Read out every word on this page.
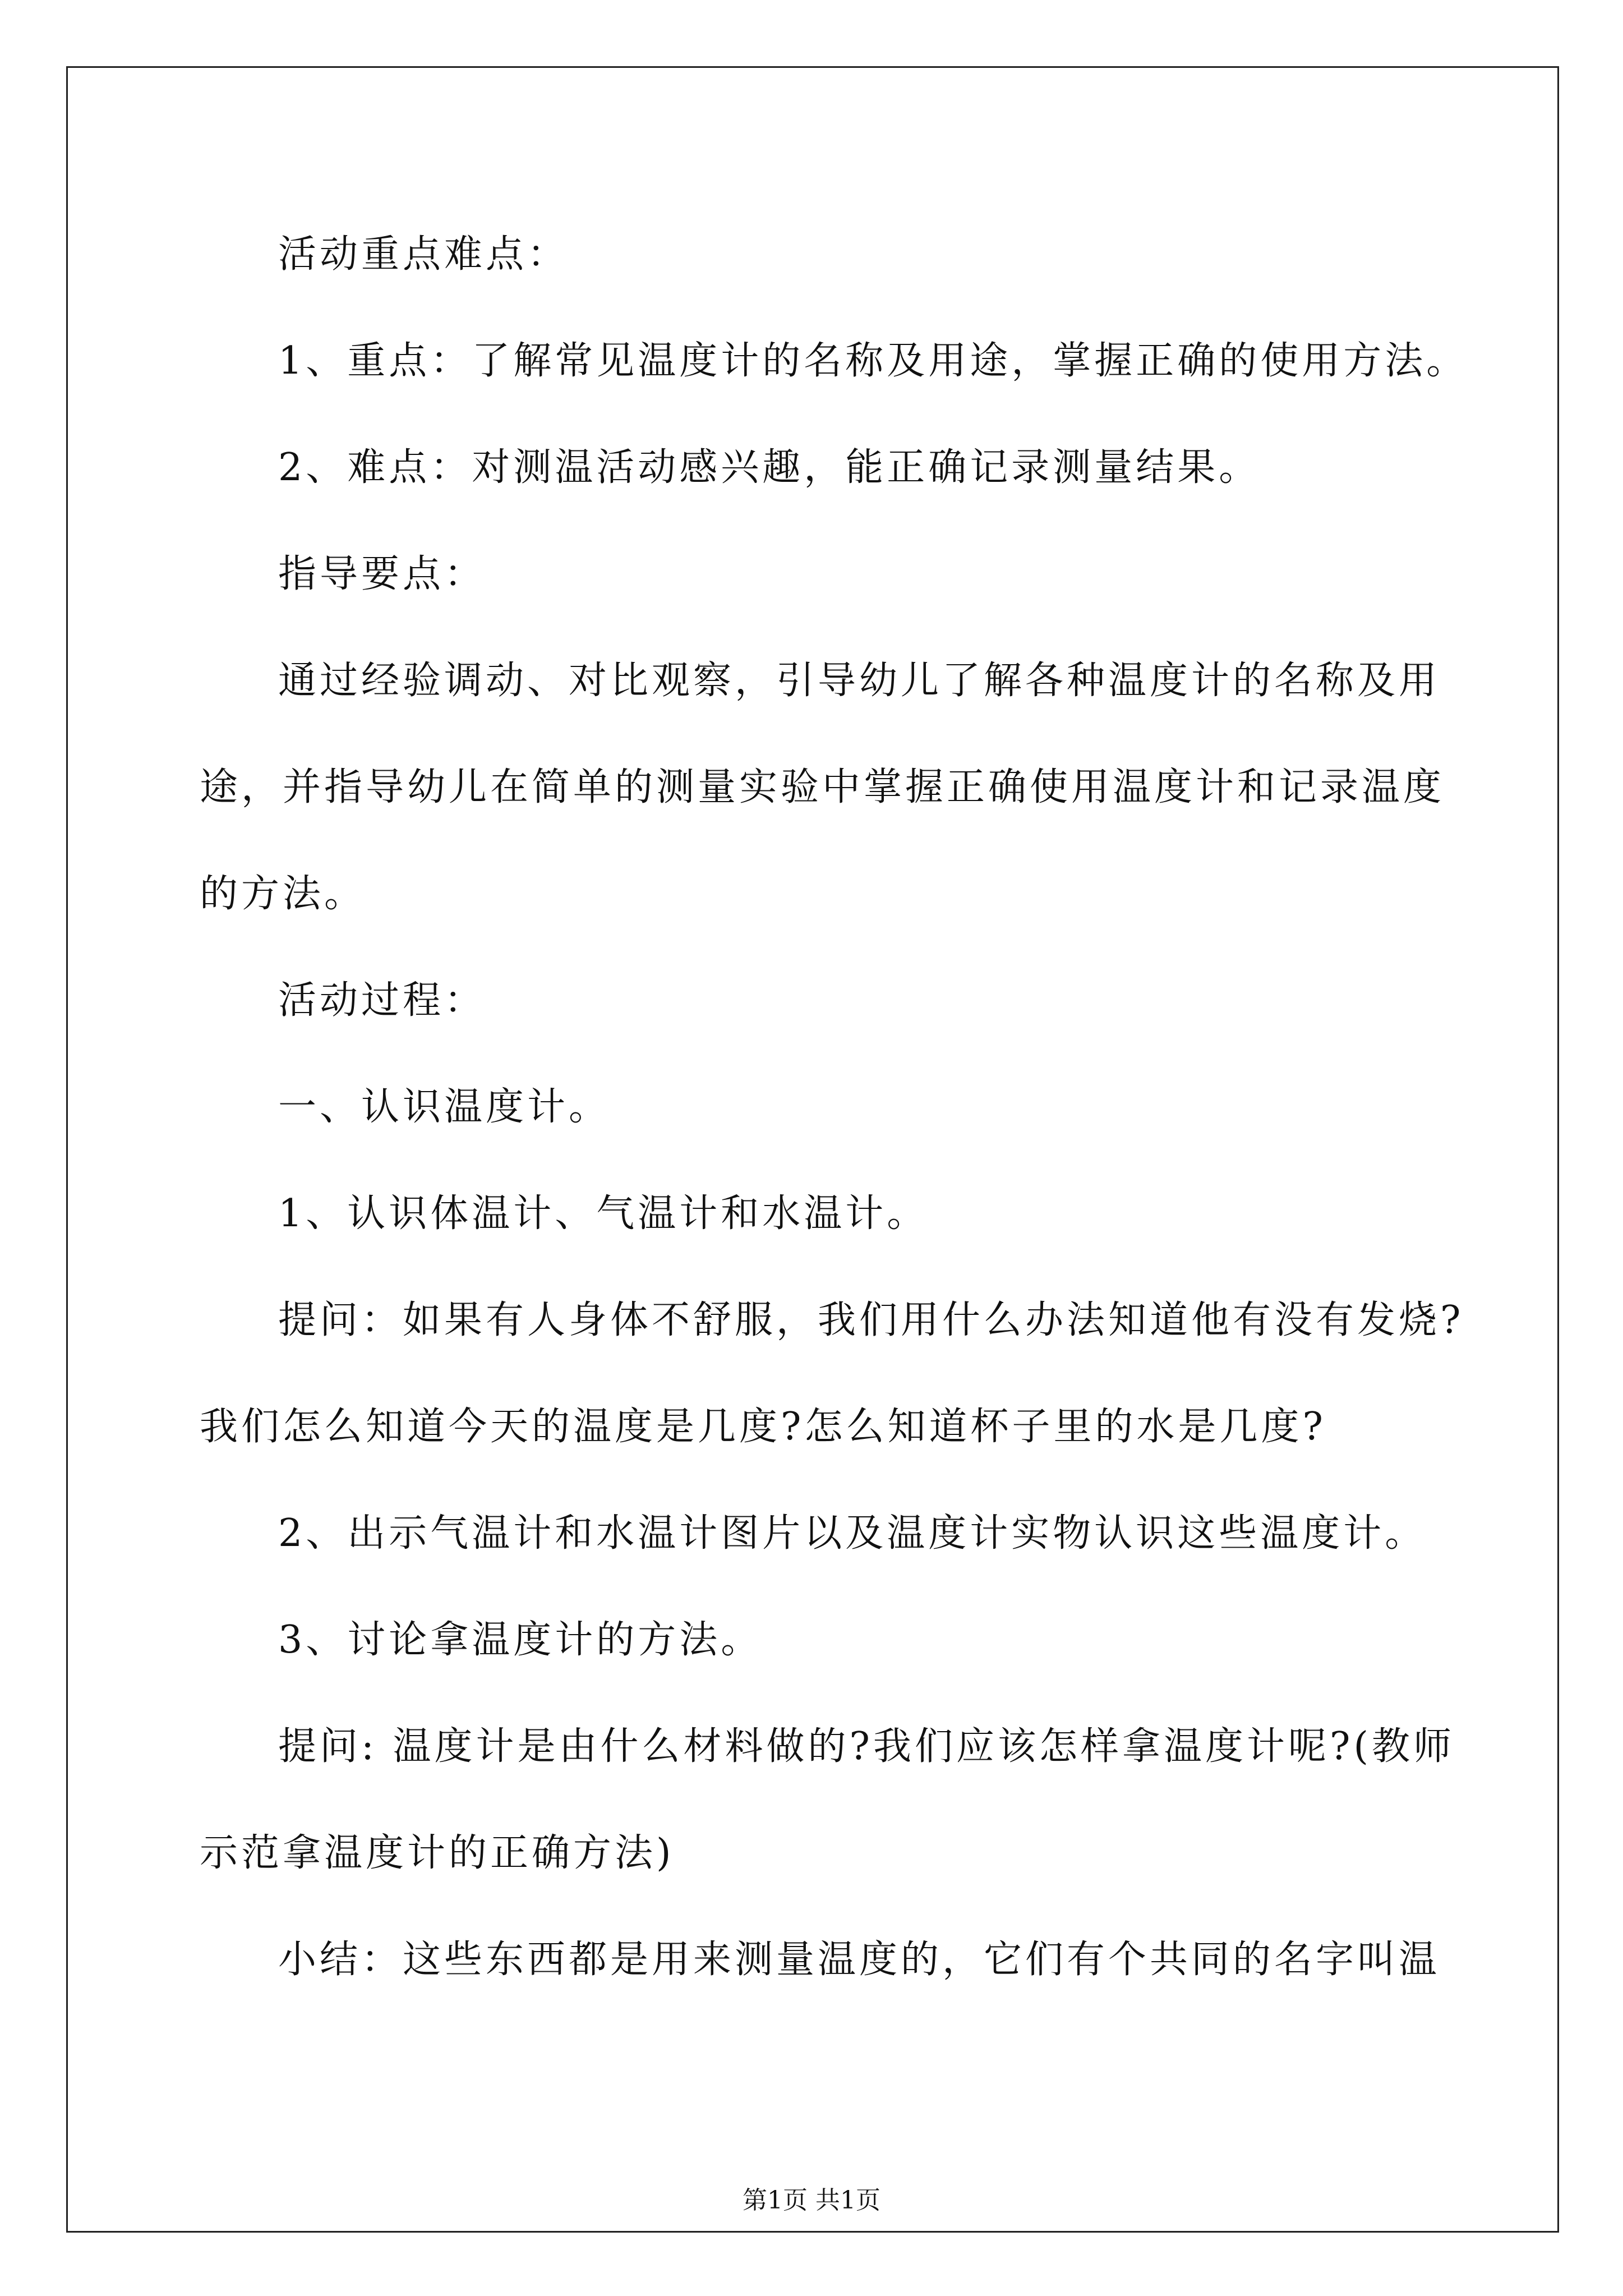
活动重点难点：
1、重点：了解常见温度计的名称及用途，掌握正确的使用方法。
2、难点：对测温活动感兴趣，能正确记录测量结果。
指导要点：
通过经验调动、对比观察，引导幼儿了解各种温度计的名称及用
途，并指导幼儿在简单的测量实验中掌握正确使用温度计和记录温度
的方法。
活动过程：
一、认识温度计。
1、认识体温计、气温计和水温计。
提问：如果有人身体不舒服，我们用什么办法知道他有没有发烧?
我们怎么知道今天的温度是几度?怎么知道杯子里的水是几度?
2、出示气温计和水温计图片以及温度计实物认识这些温度计。
3、讨论拿温度计的方法。
提问: 温度计是由什么材料做的?我们应该怎样拿温度计呢?(教师
示范拿温度计的正确方法)
小结：这些东西都是用来测量温度的，它们有个共同的名字叫温
第1页 共1页
